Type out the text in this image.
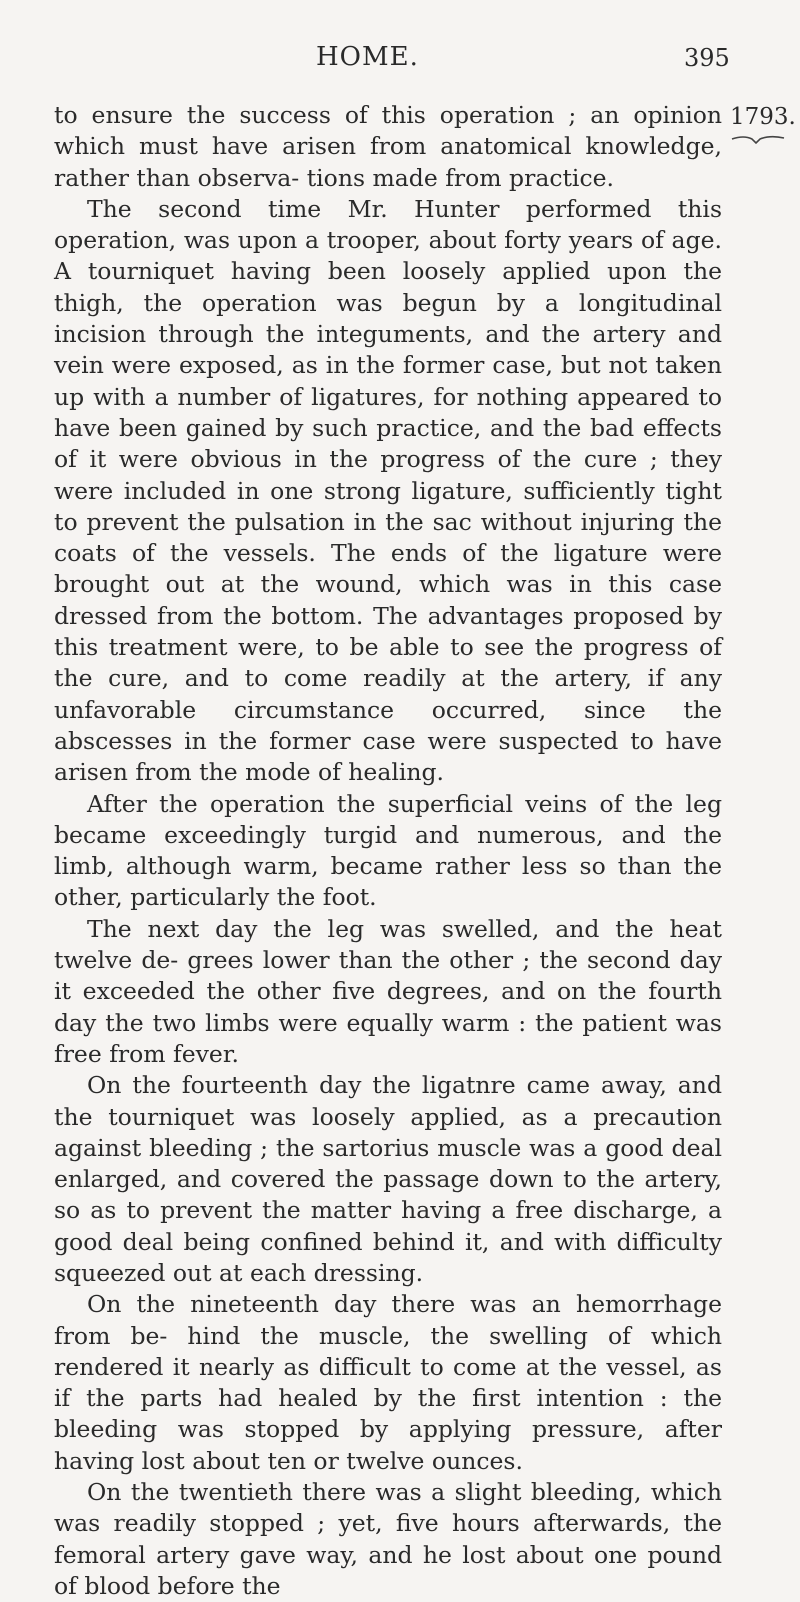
HOME.	395
1793.

to ensure the success of this operation ; an opinion which must have arisen from anatomical knowledge, rather than observa- tions made from practice.

The second time Mr. Hunter performed this operation, was upon a trooper, about forty years of age. A tourniquet having been loosely applied upon the thigh, the operation was begun by a longitudinal incision through the integuments, and the artery and vein were exposed, as in the former case, but not taken up with a number of ligatures, for nothing appeared to have been gained by such practice, and the bad effects of it were obvious in the progress of the cure ; they were included in one strong ligature, sufficiently tight to prevent the pulsation in the sac without injuring the coats of the vessels. The ends of the ligature were brought out at the wound, which was in this case dressed from the bottom. The advantages proposed by this treatment were, to be able to see the progress of the cure, and to come readily at the artery, if any unfavorable circumstance occurred, since the abscesses in the former case were suspected to have arisen from the mode of healing.

After the operation the superficial veins of the leg became exceedingly turgid and numerous, and the limb, although warm, became rather less so than the other, particularly the foot.

The next day the leg was swelled, and the heat twelve de- grees lower than the other ; the second day it exceeded the other five degrees, and on the fourth day the two limbs were equally warm : the patient was free from fever.

On the fourteenth day the ligatnre came away, and the tourniquet was loosely applied, as a precaution against bleeding ; the sartorius muscle was a good deal enlarged, and covered the passage down to the artery, so as to prevent the matter having a free discharge, a good deal being confined behind it, and with difficulty squeezed out at each dressing.

On the nineteenth day there was an hemorrhage from be- hind the muscle, the swelling of which rendered it nearly as difficult to come at the vessel, as if the parts had healed by the first intention : the bleeding was stopped by applying pressure, after having lost about ten or twelve ounces.

On the twentieth there was a slight bleeding, which was readily stopped ; yet, five hours afterwards, the femoral artery gave way, and he lost about one pound of blood before the
